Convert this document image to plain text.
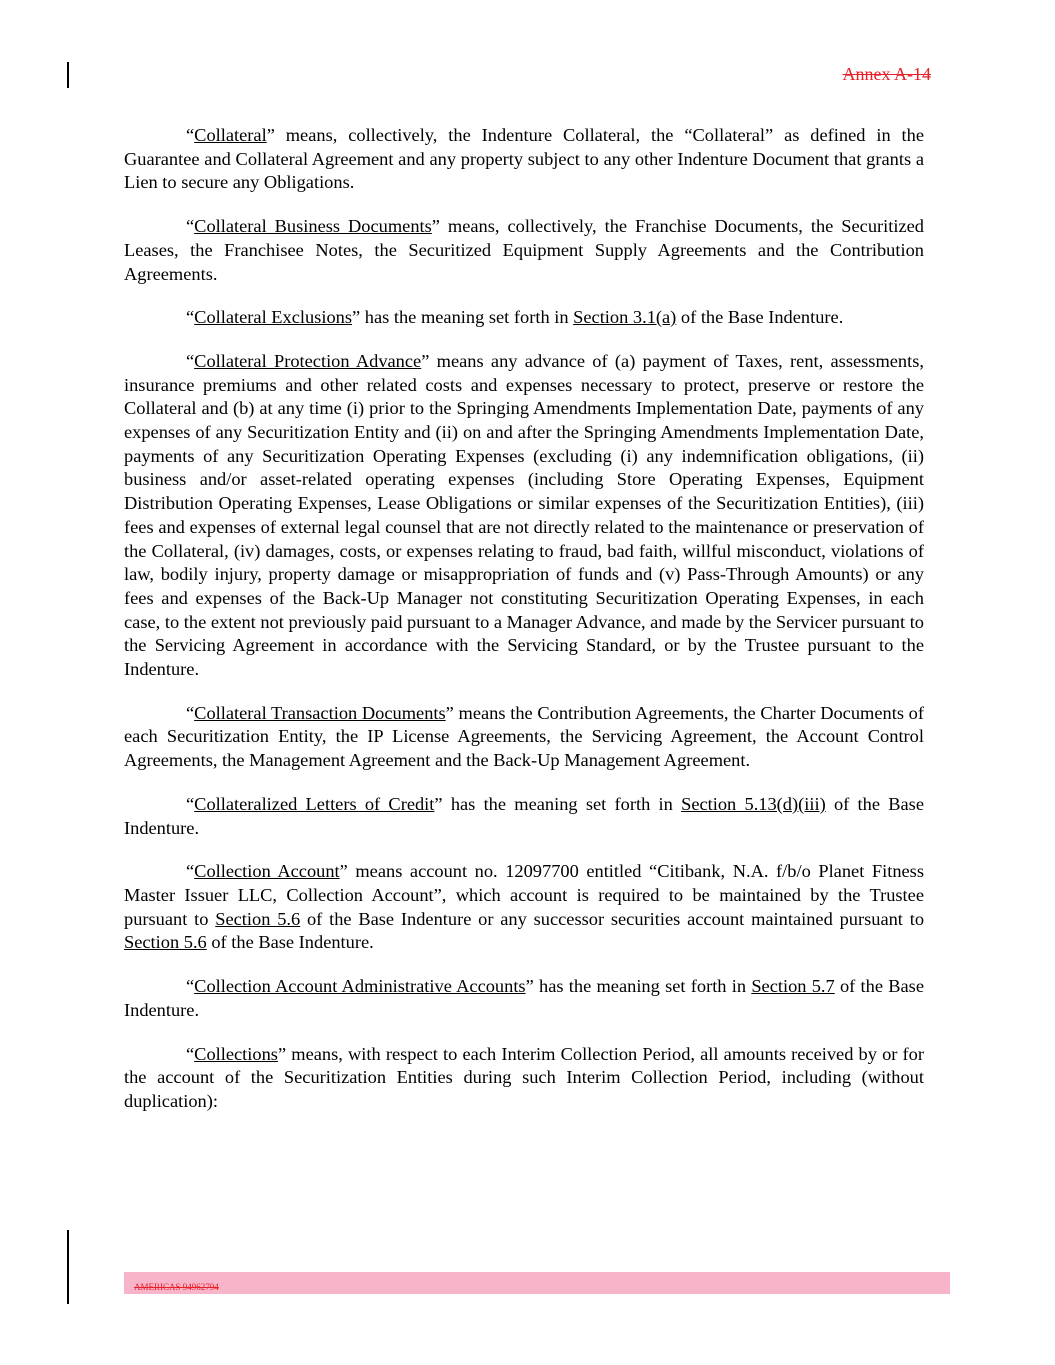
Annex A-14

“Collateral” means, collectively, the Indenture Collateral, the “Collateral” as defined in the Guarantee and Collateral Agreement and any property subject to any other Indenture Document that grants a Lien to secure any Obligations.

“Collateral Business Documents” means, collectively, the Franchise Documents, the Securitized Leases, the Franchisee Notes, the Securitized Equipment Supply Agreements and the Contribution Agreements.

“Collateral Exclusions” has the meaning set forth in Section 3.1(a) of the Base Indenture.

“Collateral Protection Advance” means any advance of (a) payment of Taxes, rent, assessments, insurance premiums and other related costs and expenses necessary to protect, preserve or restore the Collateral and (b) at any time (i) prior to the Springing Amendments Implementation Date, payments of any expenses of any Securitization Entity and (ii) on and after the Springing Amendments Implementation Date, payments of any Securitization Operating Expenses (excluding (i) any indemnification obligations, (ii) business and/or asset-related operating expenses (including Store Operating Expenses, Equipment Distribution Operating Expenses, Lease Obligations or similar expenses of the Securitization Entities), (iii) fees and expenses of external legal counsel that are not directly related to the maintenance or preservation of the Collateral, (iv) damages, costs, or expenses relating to fraud, bad faith, willful misconduct, violations of law, bodily injury, property damage or misappropriation of funds and (v) Pass-Through Amounts) or any fees and expenses of the Back-Up Manager not constituting Securitization Operating Expenses, in each case, to the extent not previously paid pursuant to a Manager Advance, and made by the Servicer pursuant to the Servicing Agreement in accordance with the Servicing Standard, or by the Trustee pursuant to the Indenture.

“Collateral Transaction Documents” means the Contribution Agreements, the Charter Documents of each Securitization Entity, the IP License Agreements, the Servicing Agreement, the Account Control Agreements, the Management Agreement and the Back-Up Management Agreement.

“Collateralized Letters of Credit” has the meaning set forth in Section 5.13(d)(iii) of the Base Indenture.

“Collection Account” means account no. 12097700 entitled “Citibank, N.A. f/b/o Planet Fitness Master Issuer LLC, Collection Account”, which account is required to be maintained by the Trustee pursuant to Section 5.6 of the Base Indenture or any successor securities account maintained pursuant to Section 5.6 of the Base Indenture.

“Collection Account Administrative Accounts” has the meaning set forth in Section 5.7 of the Base Indenture.

“Collections” means, with respect to each Interim Collection Period, all amounts received by or for the account of the Securitization Entities during such Interim Collection Period, including (without duplication):

AMERICAS 94962794
